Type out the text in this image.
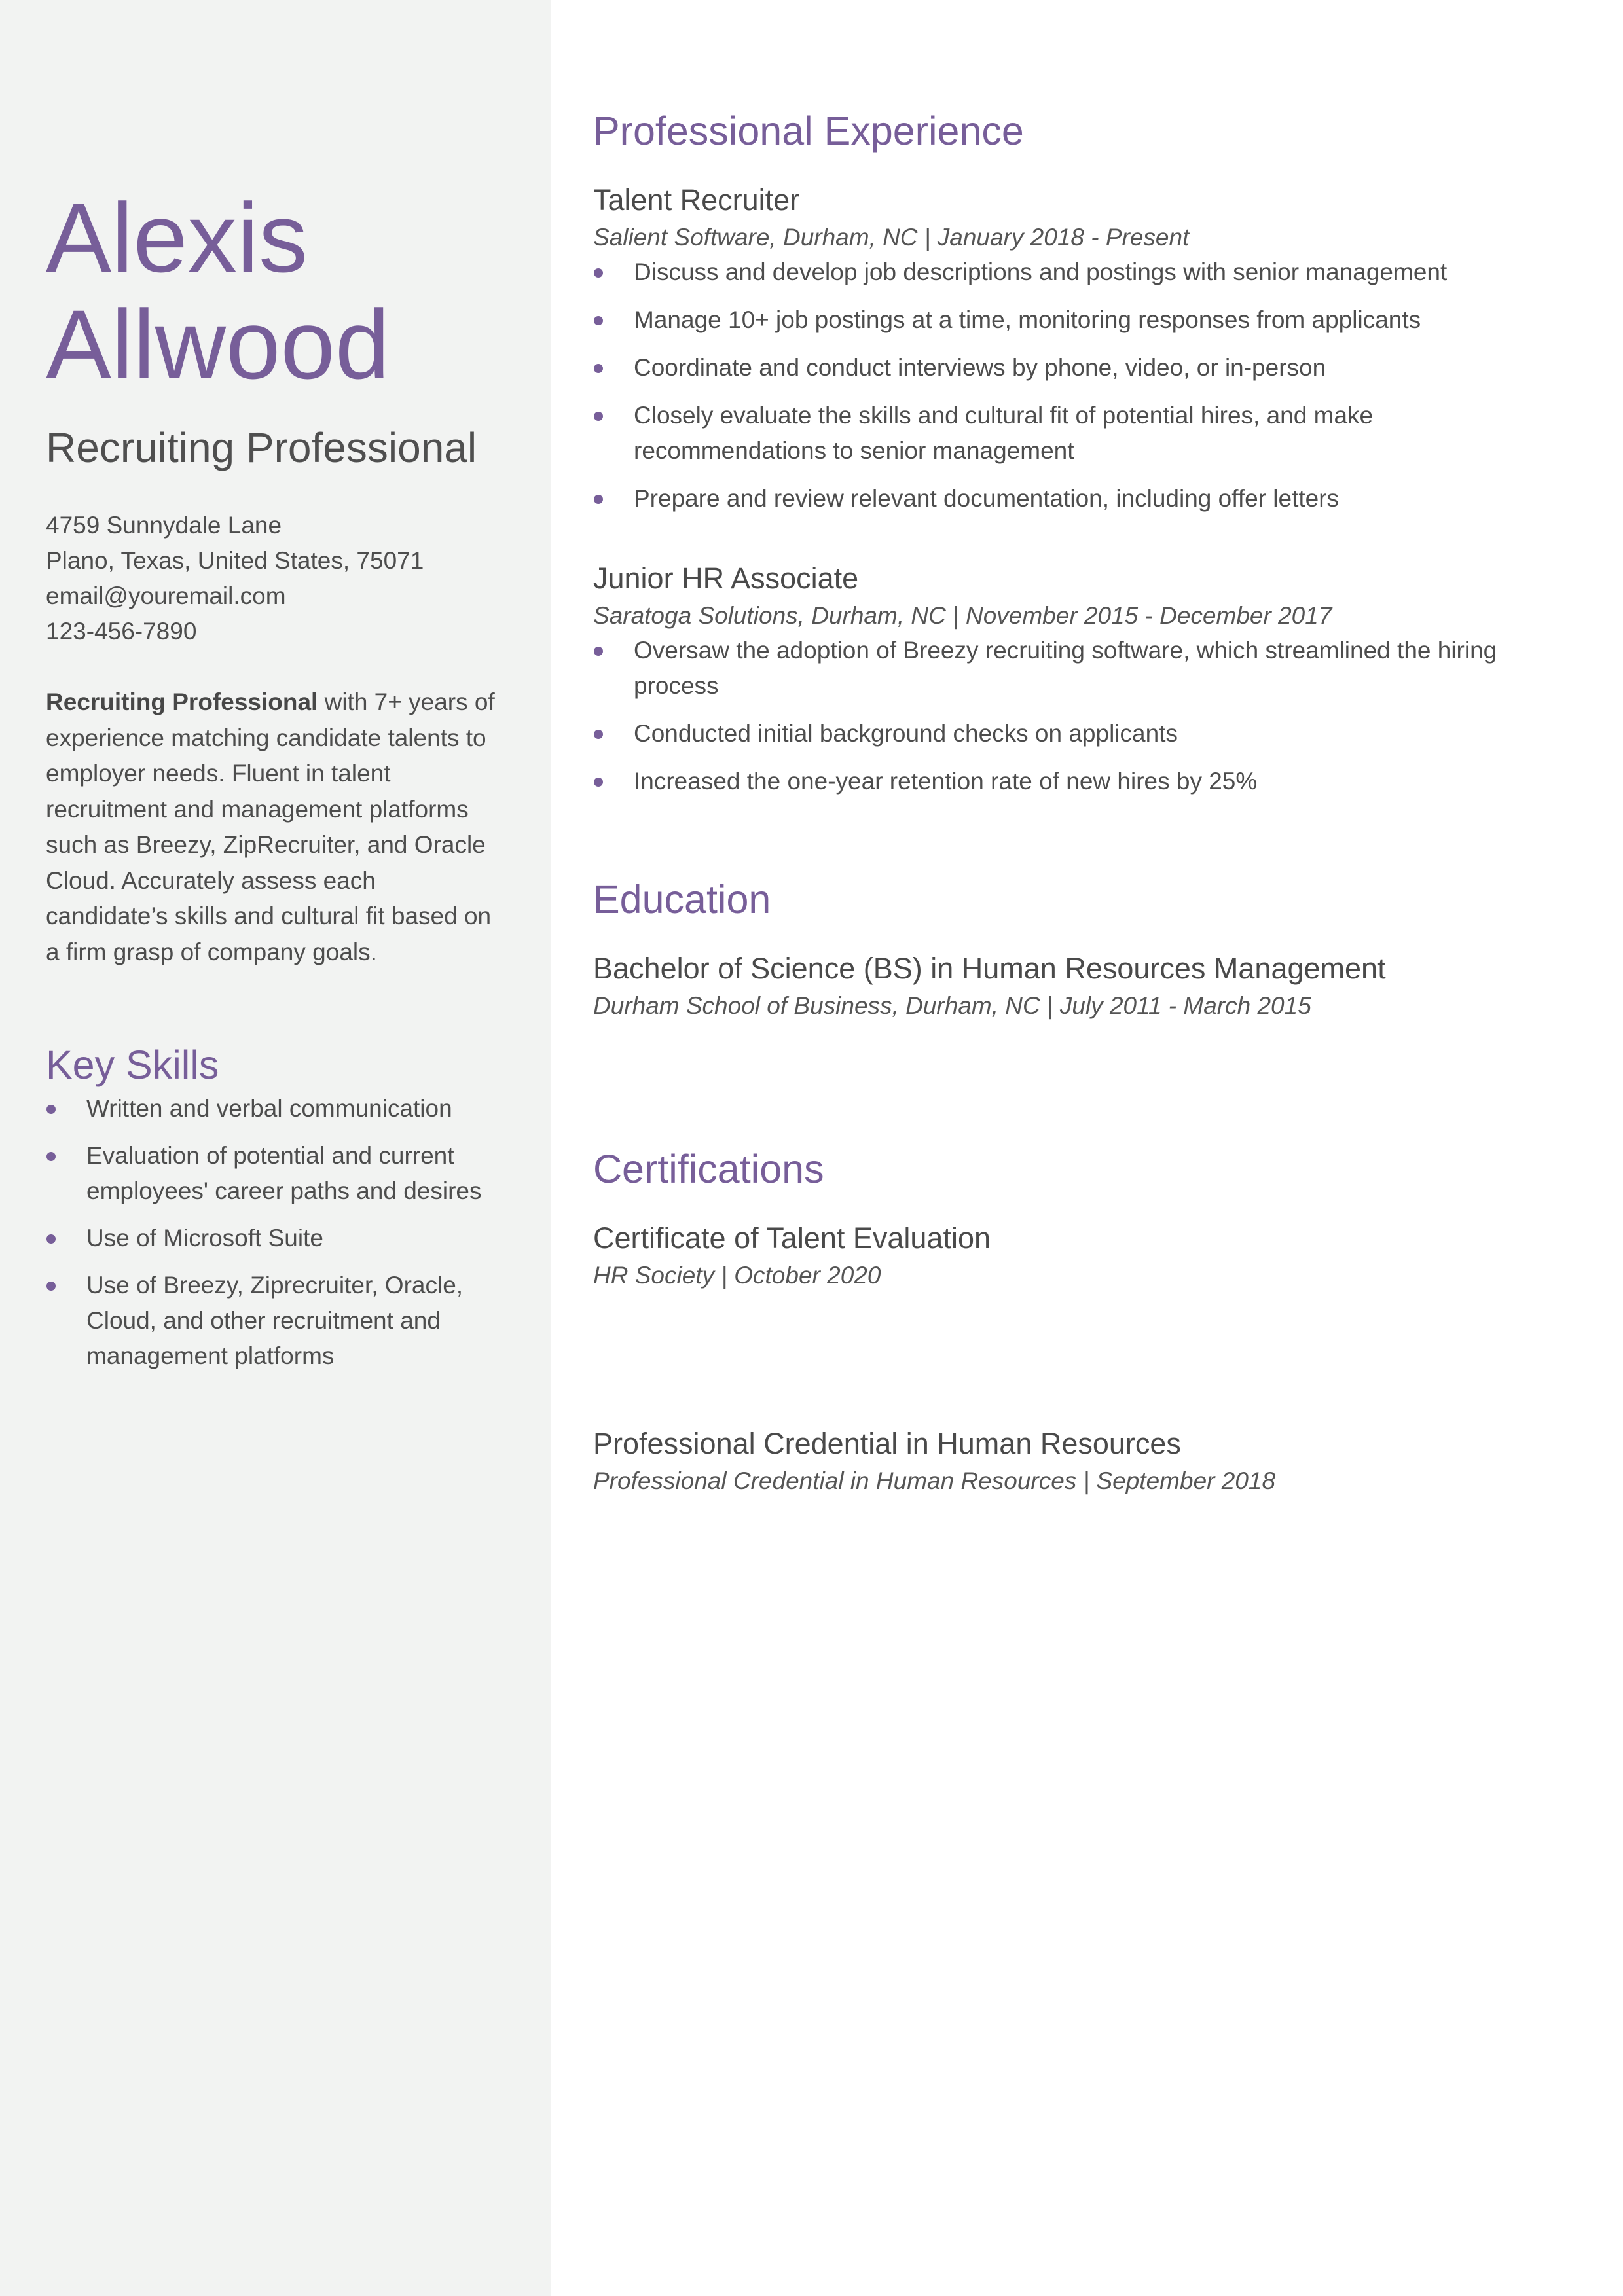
Alexis
Allwood
Recruiting Professional
4759 Sunnydale Lane
Plano, Texas, United States, 75071
email@youremail.com
123-456-7890
Recruiting Professional with 7+ years of experience matching candidate talents to employer needs. Fluent in talent recruitment and management platforms such as Breezy, ZipRecruiter, and Oracle Cloud. Accurately assess each candidate’s skills and cultural fit based on a firm grasp of company goals.
Key Skills
Written and verbal communication
Evaluation of potential and current employees' career paths and desires
Use of Microsoft Suite
Use of Breezy, Ziprecruiter, Oracle, Cloud, and other recruitment and management platforms
Professional Experience

Talent Recruiter

Salient Software, Durham, NC | January 2018 - Present

Discuss and develop job descriptions and postings with senior management
Manage 10+ job postings at a time, monitoring responses from applicants
Coordinate and conduct interviews by phone, video, or in-person
Closely evaluate the skills and cultural fit of potential hires, and make recommendations to senior management
Prepare and review relevant documentation, including offer letters

Junior HR Associate

Saratoga Solutions, Durham, NC | November 2015 - December 2017

Oversaw the adoption of Breezy recruiting software, which streamlined the hiring process
Conducted initial background checks on applicants
Increased the one-year retention rate of new hires by 25%
Education

Bachelor of Science (BS) in Human Resources Management

Durham School of Business, Durham, NC | July 2011 - March 2015

Certifications

Certificate of Talent Evaluation

HR Society | October 2020

Professional Credential in Human Resources

Professional Credential in Human Resources | September 2018
